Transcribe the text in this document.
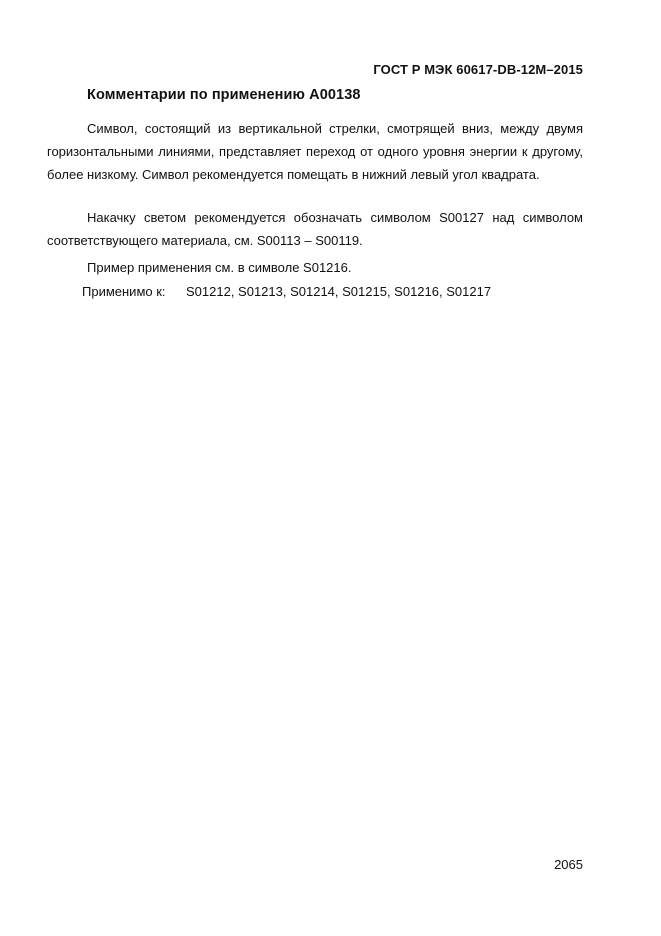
ГОСТ Р МЭК 60617-DB-12M–2015
Комментарии по применению А00138

Символ, состоящий из вертикальной стрелки, смотрящей вниз, между двумя горизонтальными линиями, представляет переход от одного уровня энергии к другому, более низкому. Символ рекомендуется помещать в нижний левый угол квадрата.

Накачку светом рекомендуется обозначать символом S00127 над символом соответствующего материала, см. S00113 – S00119.

Пример применения см. в символе S01216.
Применимо к: S01212, S01213, S01214, S01215, S01216, S01217
2065
